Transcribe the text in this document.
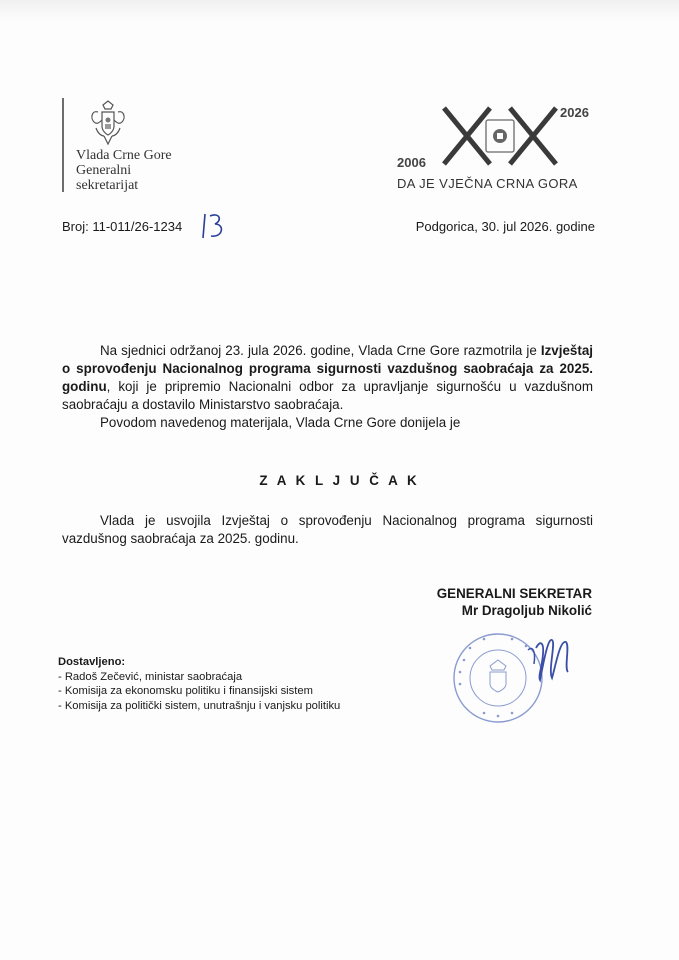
Vlada Crne Gore
Generalni
sekretarijat
2026
2006
DA JE VJEČNA CRNA GORA
Broj: 11-011/26-1234	Podgorica, 30. jul 2026. godine

Na sjednici održanoj 23. jula 2026. godine, Vlada Crne Gore razmotrila je Izvještaj o sprovođenju Nacionalnog programa sigurnosti vazdušnog saobraćaja za 2025. godinu, koji je pripremio Nacionalni odbor za upravljanje sigurnošću u vazdušnom saobraćaju a dostavilo Ministarstvo saobraćaja.

Povodom navedenog materijala, Vlada Crne Gore donijela je

Z A K L J U Č A K

Vlada je usvojila Izvještaj o sprovođenju Nacionalnog programa sigurnosti vazdušnog saobraćaja za 2025. godinu.

GENERALNI SEKRETAR
Mr Dragoljub Nikolić
Dostavljeno:
- Radoš Zečević, ministar saobraćaja
- Komisija za ekonomsku politiku i finansijski sistem
- Komisija za politički sistem, unutrašnju i vanjsku politiku
